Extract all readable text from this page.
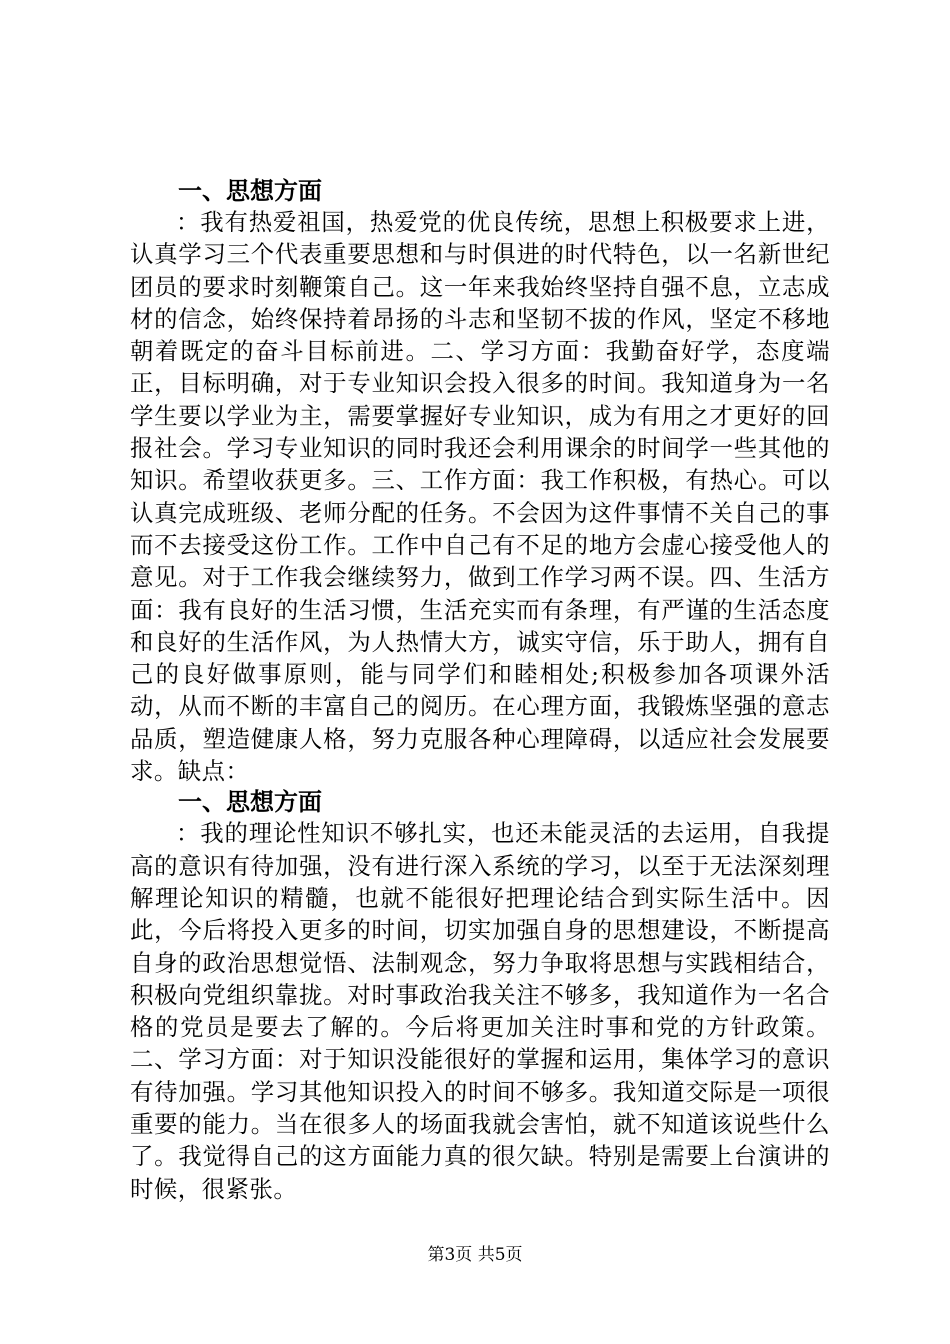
一、思想方面

：我有热爱祖国，热爱党的优良传统，思想上积极要求上进，认真学习三个代表重要思想和与时俱进的时代特色，以一名新世纪团员的要求时刻鞭策自己。这一年来我始终坚持自强不息，立志成材的信念，始终保持着昂扬的斗志和坚韧不拔的作风，坚定不移地朝着既定的奋斗目标前进。二、学习方面：我勤奋好学，态度端正，目标明确，对于专业知识会投入很多的时间。我知道身为一名学生要以学业为主，需要掌握好专业知识，成为有用之才更好的回报社会。学习专业知识的同时我还会利用课余的时间学一些其他的知识。希望收获更多。三、工作方面：我工作积极，有热心。可以认真完成班级、老师分配的任务。不会因为这件事情不关自己的事而不去接受这份工作。工作中自己有不足的地方会虚心接受他人的意见。对于工作我会继续努力，做到工作学习两不误。四、生活方面：我有良好的生活习惯，生活充实而有条理，有严谨的生活态度和良好的生活作风，为人热情大方，诚实守信，乐于助人，拥有自己的良好做事原则，能与同学们和睦相处;积极参加各项课外活动，从而不断的丰富自己的阅历。在心理方面，我锻炼坚强的意志品质，塑造健康人格，努力克服各种心理障碍，以适应社会发展要求。缺点：

一、思想方面

：我的理论性知识不够扎实，也还未能灵活的去运用，自我提高的意识有待加强，没有进行深入系统的学习，以至于无法深刻理解理论知识的精髓，也就不能很好把理论结合到实际生活中。因此，今后将投入更多的时间，切实加强自身的思想建设，不断提高自身的政治思想觉悟、法制观念，努力争取将思想与实践相结合，积极向党组织靠拢。对时事政治我关注不够多，我知道作为一名合格的党员是要去了解的。今后将更加关注时事和党的方针政策。二、学习方面：对于知识没能很好的掌握和运用，集体学习的意识有待加强。学习其他知识投入的时间不够多。我知道交际是一项很重要的能力。当在很多人的场面我就会害怕，就不知道该说些什么了。我觉得自己的这方面能力真的很欠缺。特别是需要上台演讲的时候，很紧张。

第3页 共5页
